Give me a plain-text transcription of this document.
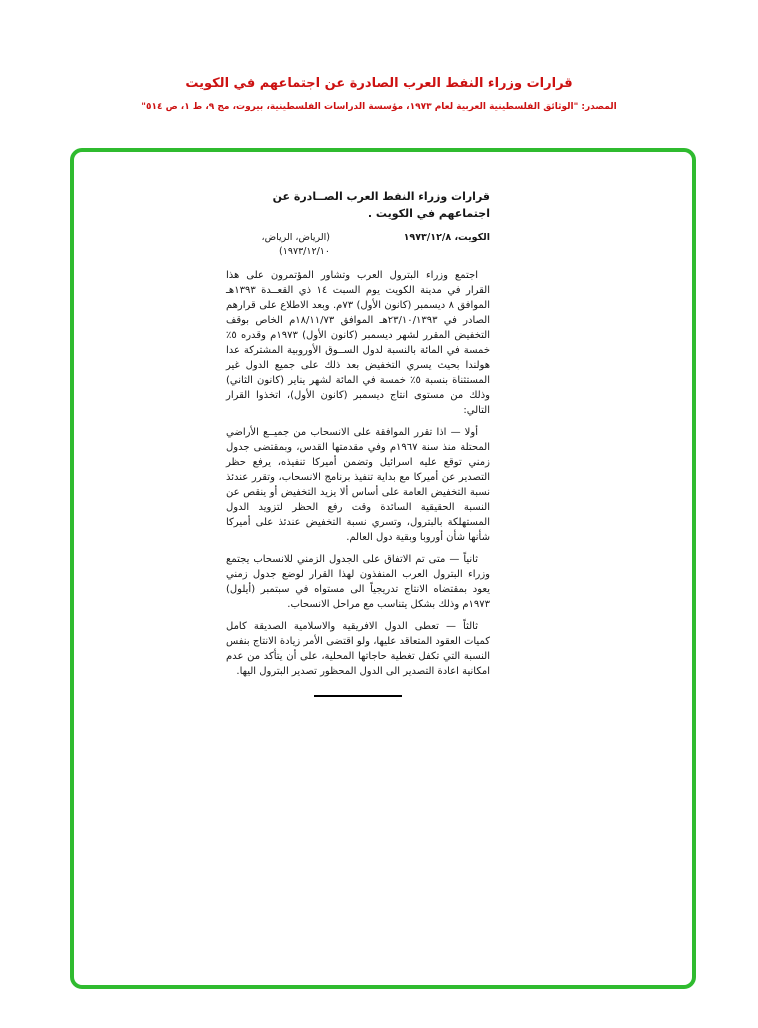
قرارات وزراء النفط العرب الصادرة عن اجتماعهم في الكويت
المصدر: "الوثائق الفلسطينية العربية لعام ١٩٧٣، مؤسسة الدراسات الفلسطينية، بيروت، مج ٩، ط ١، ص ٥١٤"
قرارات وزراء النفط العرب الصــادرة عن اجتماعهم في الكويت .
الكويت، ١٩٧٣/١٢/٨
(الرياض، الرياض، ١٩٧٣/١٢/١٠)

اجتمع وزراء البترول العرب وتشاور المؤتمرون على هذا القرار في مدينة الكويت يوم السبت ١٤ ذي القعــدة ١٣٩٣هـ الموافق ٨ ديسمبر (كانون الأول) ٧٣م. وبعد الاطلاع على قرارهم الصادر في ٢٣/١٠/١٣٩٣هـ الموافق ١٨/١١/٧٣م الخاص بوقف التخفيض المقرر لشهر ديسمبر (كانون الأول) ١٩٧٣م وقدره ٥٪ خمسة في المائة بالنسبة لدول الســوق الأوروبية المشتركة عدا هولندا بحيث يسري التخفيض بعد ذلك على جميع الدول غير المستثناة بنسبة ٥٪ خمسة في المائة لشهر يناير (كانون الثاني) وذلك من مستوى انتاج ديسمبر (كانون الأول)، اتخذوا القرار التالي:

أولا — اذا تقرر الموافقة على الانسحاب من جميــع الأراضي المحتلة منذ سنة ١٩٦٧م وفي مقدمتها القدس، وبمقتضى جدول زمني توقع عليه اسرائيل وتضمن أميركا تنفيذه، يرفع حظر التصدير عن أميركا مع بداية تنفيذ برنامج الانسحاب، وتقرر عندئذ نسبة التخفيض العامة على أساس ألا يزيد التخفيض أو ينقص عن النسبة الحقيقية السائدة وقت رفع الحظر لتزويد الدول المستهلكة بالبترول، وتسري نسبة التخفيض عندئذ على أميركا شأنها شأن أوروبا وبقية دول العالم.

ثانياً — متى تم الاتفاق على الجدول الزمني للانسحاب يجتمع وزراء البترول العرب المنفذون لهذا القرار لوضع جدول زمني يعود بمقتضاه الانتاج تدريجياً الى مستواه في سبتمبر (أيلول) ١٩٧٣م وذلك بشكل يتناسب مع مراحل الانسحاب.

ثالثاً — تعطى الدول الافريقية والاسلامية الصديقة كامل كميات العقود المتعاقد عليها، ولو اقتضى الأمر زيادة الانتاج بنفس النسبة التي تكفل تغطية حاجاتها المحلية، على أن يتأكد من عدم امكانية اعادة التصدير الى الدول المحظور تصدير البترول اليها.
